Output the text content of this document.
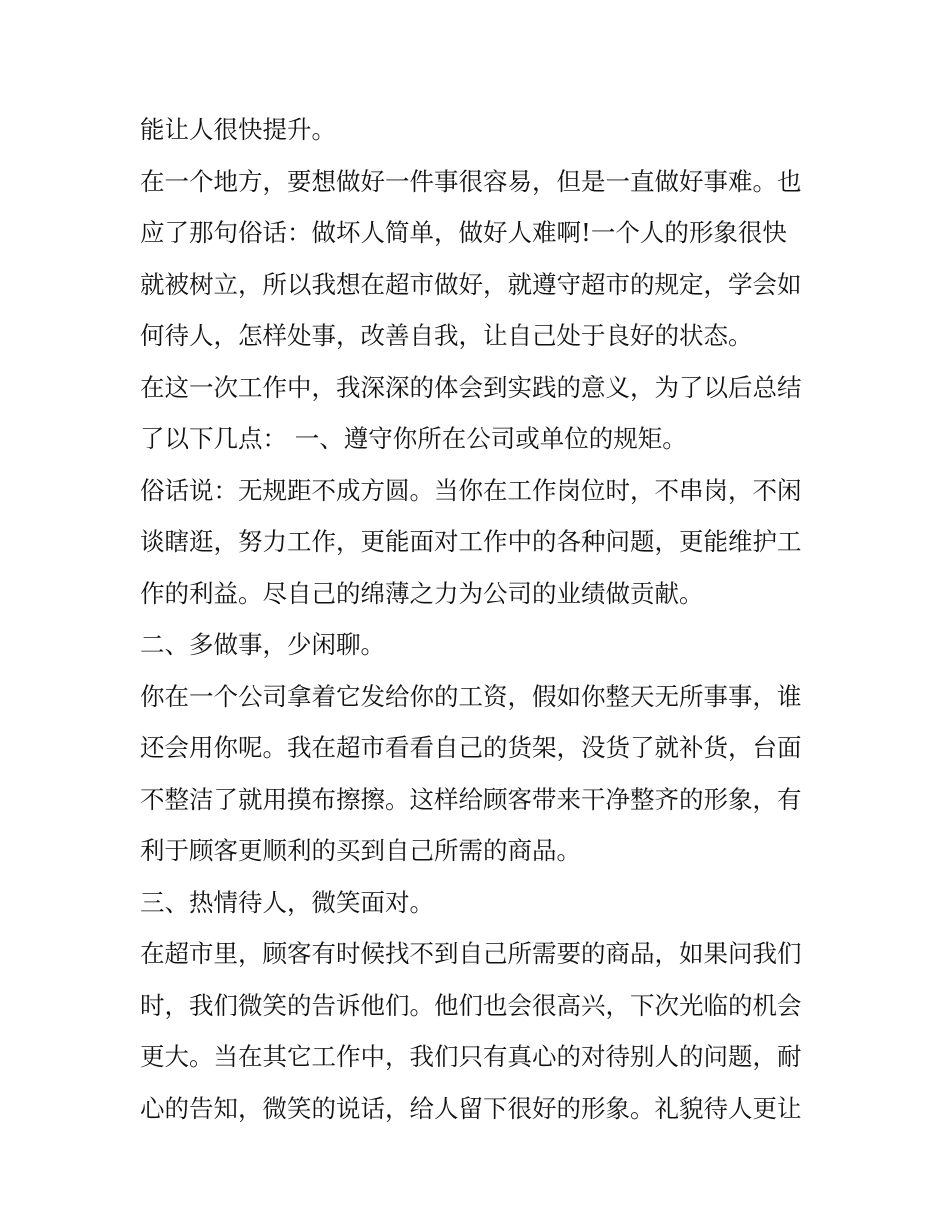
能让人很快提升。
在一个地方，要想做好一件事很容易，但是一直做好事难。也
应了那句俗话：做坏人简单，做好人难啊!一个人的形象很快
就被树立，所以我想在超市做好，就遵守超市的规定，学会如
何待人，怎样处事，改善自我，让自己处于良好的状态。
在这一次工作中，我深深的体会到实践的意义，为了以后总结
了以下几点： 一、遵守你所在公司或单位的规矩。
俗话说：无规距不成方圆。当你在工作岗位时，不串岗，不闲
谈瞎逛，努力工作，更能面对工作中的各种问题，更能维护工
作的利益。尽自己的绵薄之力为公司的业绩做贡献。
二、多做事，少闲聊。
你在一个公司拿着它发给你的工资，假如你整天无所事事，谁
还会用你呢。我在超市看看自己的货架，没货了就补货，台面
不整洁了就用摸布擦擦。这样给顾客带来干净整齐的形象，有
利于顾客更顺利的买到自己所需的商品。
三、热情待人，微笑面对。
在超市里，顾客有时候找不到自己所需要的商品，如果问我们
时，我们微笑的告诉他们。他们也会很高兴，下次光临的机会
更大。当在其它工作中，我们只有真心的对待别人的问题，耐
心的告知，微笑的说话，给人留下很好的形象。礼貌待人更让
